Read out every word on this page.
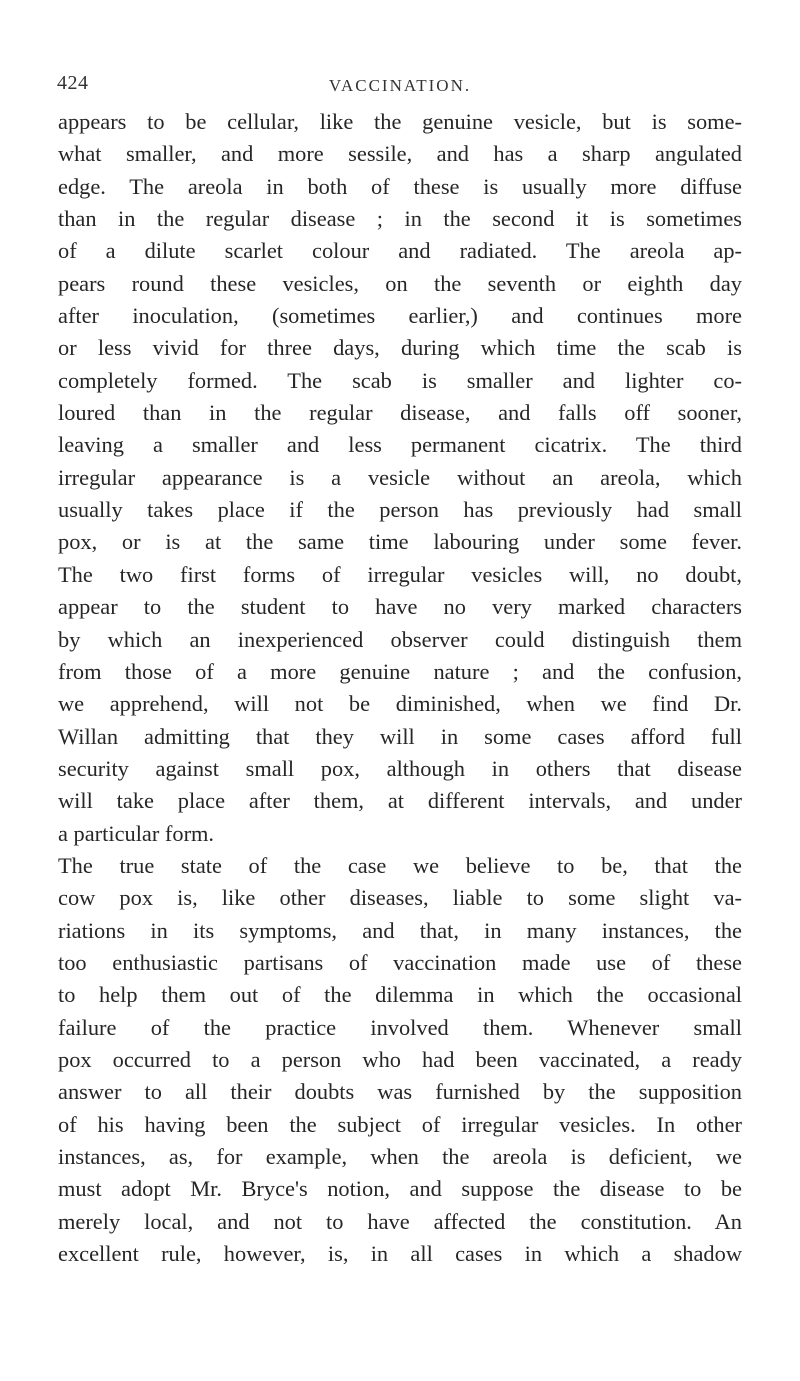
424	VACCINATION.
appears to be cellular, like the genuine vesicle, but is some-
what smaller, and more sessile, and has a sharp angulated
edge. The areola in both of these is usually more diffuse
than in the regular disease ; in the second it is sometimes
of a dilute scarlet colour and radiated. The areola ap-
pears round these vesicles, on the seventh or eighth day
after inoculation, (sometimes earlier,) and continues more
or less vivid for three days, during which time the scab is
completely formed. The scab is smaller and lighter co-
loured than in the regular disease, and falls off sooner,
leaving a smaller and less permanent cicatrix. The third
irregular appearance is a vesicle without an areola, which
usually takes place if the person has previously had small
pox, or is at the same time labouring under some fever.
The two first forms of irregular vesicles will, no doubt,
appear to the student to have no very marked characters
by which an inexperienced observer could distinguish them
from those of a more genuine nature ; and the confusion,
we apprehend, will not be diminished, when we find Dr.
Willan admitting that they will in some cases afford full
security against small pox, although in others that disease
will take place after them, at different intervals, and under
a particular form.
The true state of the case we believe to be, that the
cow pox is, like other diseases, liable to some slight va-
riations in its symptoms, and that, in many instances, the
too enthusiastic partisans of vaccination made use of these
to help them out of the dilemma in which the occasional
failure of the practice involved them. Whenever small
pox occurred to a person who had been vaccinated, a ready
answer to all their doubts was furnished by the supposition
of his having been the subject of irregular vesicles. In other
instances, as, for example, when the areola is deficient, we
must adopt Mr. Bryce's notion, and suppose the disease to be
merely local, and not to have affected the constitution. An
excellent rule, however, is, in all cases in which a shadow
